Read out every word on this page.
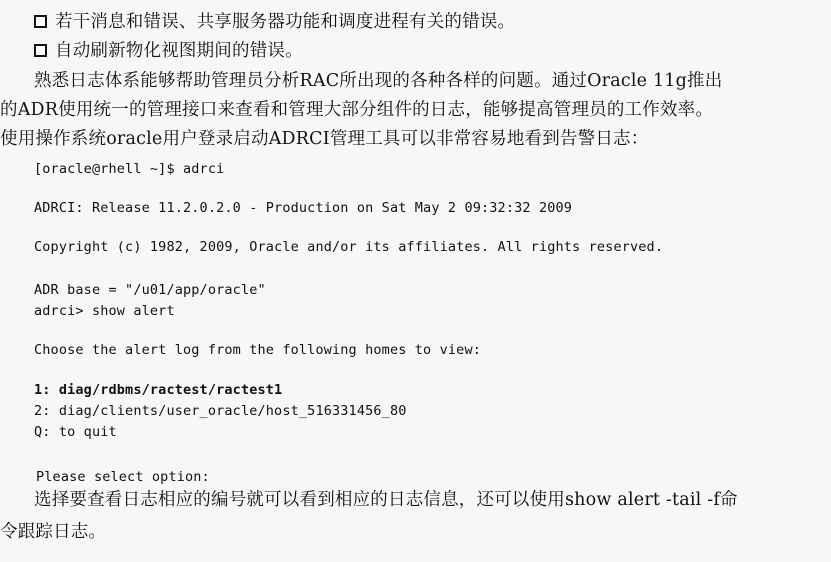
若干消息和错误、共享服务器功能和调度进程有关的错误。
自动刷新物化视图期间的错误。
熟悉日志体系能够帮助管理员分析RAC所出现的各种各样的问题。通过Oracle 11g推出
的ADR使用统一的管理接口来查看和管理大部分组件的日志，能够提高管理员的工作效率。
使用操作系统oracle用户登录启动ADRCI管理工具可以非常容易地看到告警日志：
[oracle@rhell ~]$ adrci
ADRCI: Release 11.2.0.2.0 - Production on Sat May 2 09:32:32 2009
Copyright (c) 1982, 2009, Oracle and/or its affiliates. All rights reserved.
ADR base = "/u01/app/oracle"
adrci> show alert
Choose the alert log from the following homes to view:
1: diag/rdbms/ractest/ractest1
2: diag/clients/user_oracle/host_516331456_80
Q: to quit
Please select option:
选择要查看日志相应的编号就可以看到相应的日志信息，还可以使用show alert -tail -f命
令跟踪日志。
